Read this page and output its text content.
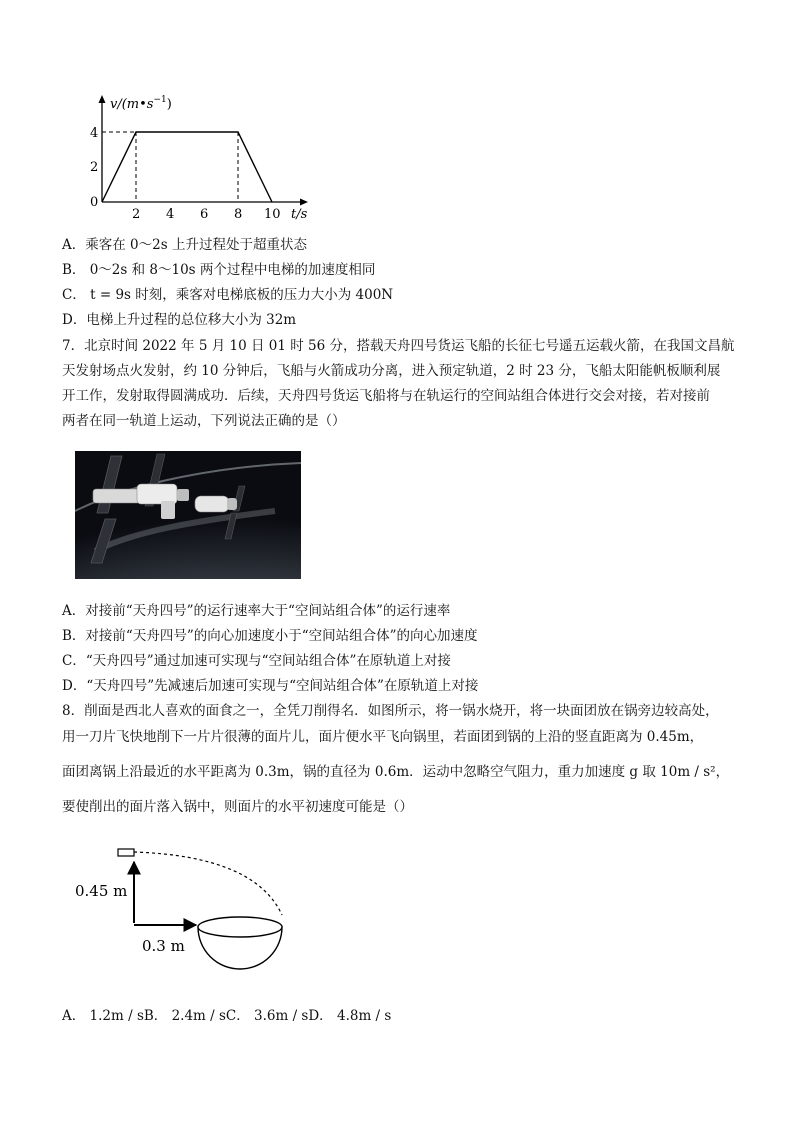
$v/(m•s^{-1})$
0
4
2
2 4 6 8 10 t/s
A．乘客在 0～2s 上升过程处于超重状态
B． 0～2s 和 8～10s 两个过程中电梯的加速度相同
C． t = 9s 时刻，乘客对电梯底板的压力大小为 400N
D．电梯上升过程的总位移大小为 32m
7．北京时间 2022 年 5 月 10 日 01 时 56 分，搭载天舟四号货运飞船的长征七号遥五运载火箭，在我国文昌航
天发射场点火发射，约 10 分钟后，飞船与火箭成功分离，进入预定轨道，2 时 23 分，飞船太阳能帆板顺利展
开工作，发射取得圆满成功．后续，天舟四号货运飞船将与在轨运行的空间站组合体进行交会对接，若对接前
两者在同一轨道上运动，下列说法正确的是（）
A．对接前“天舟四号”的运行速率大于“空间站组合体”的运行速率
B．对接前“天舟四号”的向心加速度小于“空间站组合体”的向心加速度
C．“天舟四号”通过加速可实现与“空间站组合体”在原轨道上对接
D．“天舟四号”先减速后加速可实现与“空间站组合体”在原轨道上对接
8．削面是西北人喜欢的面食之一，全凭刀削得名．如图所示，将一锅水烧开，将一块面团放在锅旁边较高处，
用一刀片飞快地削下一片片很薄的面片儿，面片便水平飞向锅里，若面团到锅的上沿的竖直距离为 0.45m，
面团离锅上沿最近的水平距离为 0.3m，锅的直径为 0.6m．运动中忽略空气阻力，重力加速度 g 取 10m / s²，
要使削出的面片落入锅中，则面片的水平初速度可能是（）
0.45 m
0.3 m
A． 1.2m / sB． 2.4m / sC． 3.6m / sD． 4.8m / s
